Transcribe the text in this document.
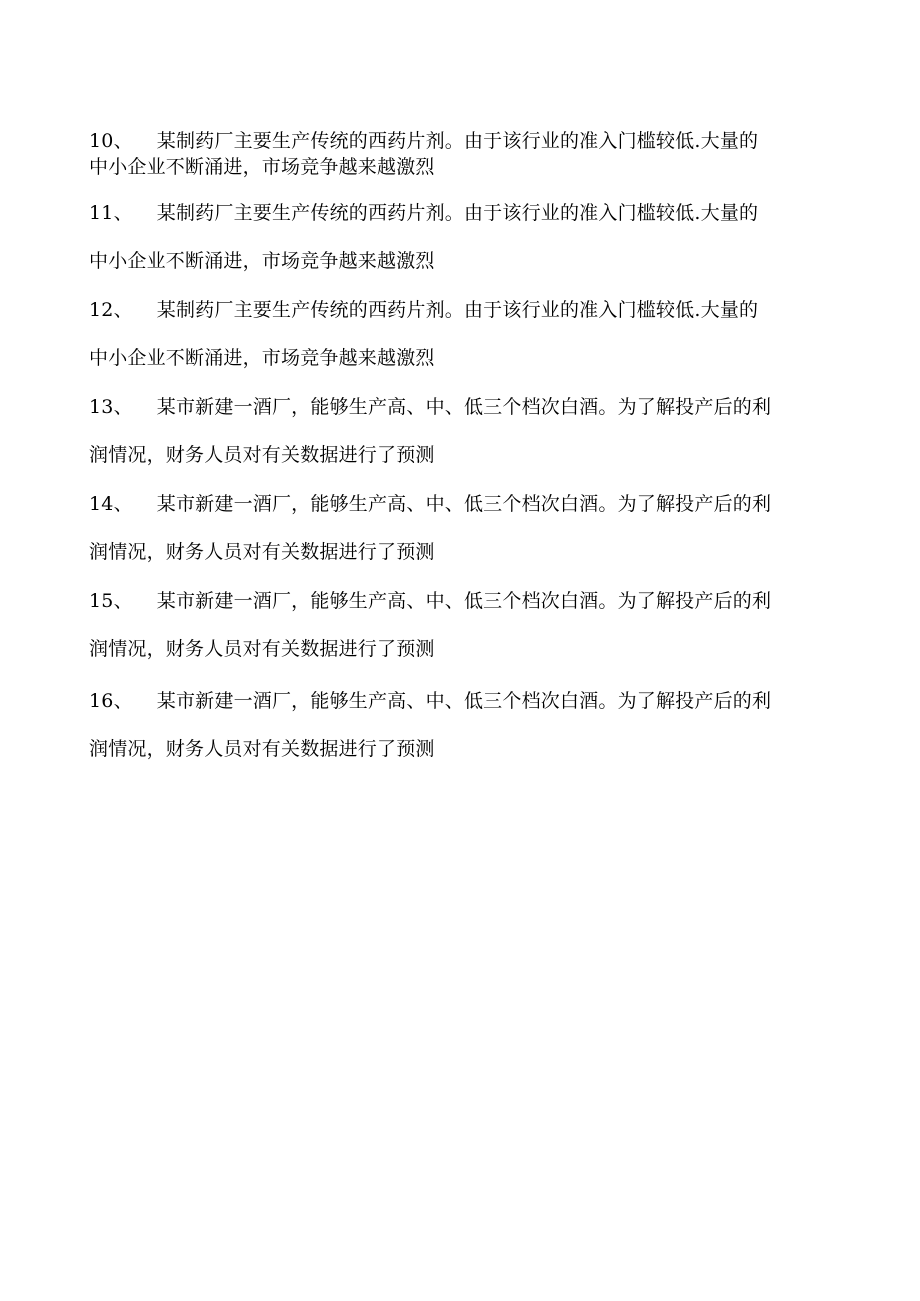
10、 某制药厂主要生产传统的西药片剂。由于该行业的准入门槛较低.大量的
中小企业不断涌进，市场竞争越来越激烈
11、 某制药厂主要生产传统的西药片剂。由于该行业的准入门槛较低.大量的
中小企业不断涌进，市场竞争越来越激烈
12、 某制药厂主要生产传统的西药片剂。由于该行业的准入门槛较低.大量的
中小企业不断涌进，市场竞争越来越激烈
13、 某市新建一酒厂，能够生产高、中、低三个档次白酒。为了解投产后的利
润情况，财务人员对有关数据进行了预测
14、 某市新建一酒厂，能够生产高、中、低三个档次白酒。为了解投产后的利
润情况，财务人员对有关数据进行了预测
15、 某市新建一酒厂，能够生产高、中、低三个档次白酒。为了解投产后的利
润情况，财务人员对有关数据进行了预测
16、 某市新建一酒厂，能够生产高、中、低三个档次白酒。为了解投产后的利
润情况，财务人员对有关数据进行了预测
